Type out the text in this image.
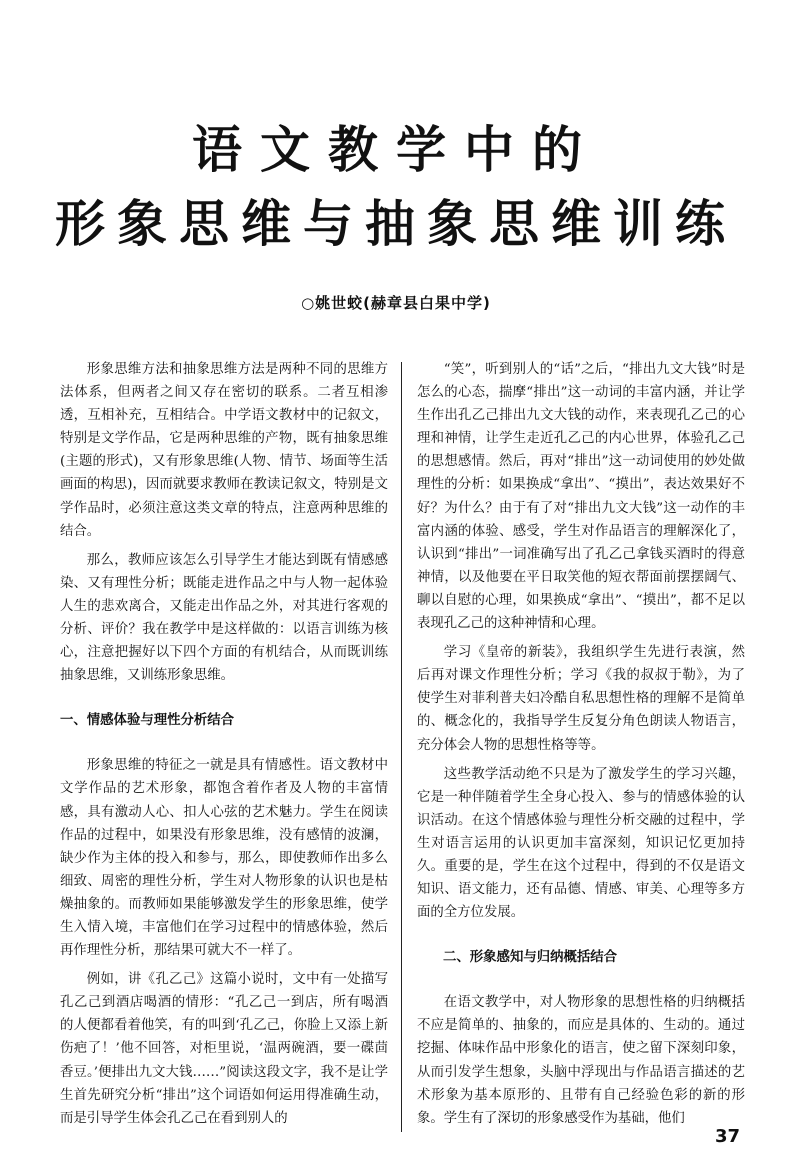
语文教学中的
形象思维与抽象思维训练
○姚世蛟(赫章县白果中学)

形象思维方法和抽象思维方法是两种不同的思维方法体系，但两者之间又存在密切的联系。二者互相渗透，互相补充，互相结合。中学语文教材中的记叙文，特别是文学作品，它是两种思维的产物，既有抽象思维(主题的形式)，又有形象思维(人物、情节、场面等生活画面的构思)，因而就要求教师在教读记叙文，特别是文学作品时，必须注意这类文章的特点，注意两种思维的结合。

那么，教师应该怎么引导学生才能达到既有情感感染、又有理性分析；既能走进作品之中与人物一起体验人生的悲欢离合，又能走出作品之外，对其进行客观的分析、评价？我在教学中是这样做的：以语言训练为核心，注意把握好以下四个方面的有机结合，从而既训练抽象思维，又训练形象思维。

一、情感体验与理性分析结合

形象思维的特征之一就是具有情感性。语文教材中文学作品的艺术形象，都饱含着作者及人物的丰富情感，具有激动人心、扣人心弦的艺术魅力。学生在阅读作品的过程中，如果没有形象思维，没有感情的波澜，缺少作为主体的投入和参与，那么，即使教师作出多么细致、周密的理性分析，学生对人物形象的认识也是枯燥抽象的。而教师如果能够激发学生的形象思维，使学生入情入境，丰富他们在学习过程中的情感体验，然后再作理性分析，那结果可就大不一样了。

例如，讲《孔乙己》这篇小说时，文中有一处描写孔乙己到酒店喝酒的情形：“孔乙己一到店，所有喝酒的人便都看着他笑，有的叫到‘孔乙己，你脸上又添上新伤疤了！’他不回答，对柜里说，‘温两碗酒，要一碟茴香豆。’便排出九文大钱……”阅读这段文字，我不是让学生首先研究分析“排出”这个词语如何运用得准确生动，而是引导学生体会孔乙己在看到别人的

“笑”，听到别人的“话”之后，“排出九文大钱”时是怎么的心态，揣摩“排出”这一动词的丰富内涵，并让学生作出孔乙己排出九文大钱的动作，来表现孔乙己的心理和神情，让学生走近孔乙己的内心世界，体验孔乙己的思想感情。然后，再对“排出”这一动词使用的妙处做理性的分析：如果换成“拿出”、“摸出”，表达效果好不好？为什么？由于有了对“排出九文大钱”这一动作的丰富内涵的体验、感受，学生对作品语言的理解深化了，认识到“排出”一词准确写出了孔乙己拿钱买酒时的得意神情，以及他要在平日取笑他的短衣帮面前摆摆阔气、聊以自慰的心理，如果换成“拿出”、“摸出”，都不足以表现孔乙己的这种神情和心理。

学习《皇帝的新装》，我组织学生先进行表演，然后再对课文作理性分析；学习《我的叔叔于勒》，为了使学生对菲利普夫妇冷酷自私思想性格的理解不是简单的、概念化的，我指导学生反复分角色朗读人物语言，充分体会人物的思想性格等等。

这些教学活动绝不只是为了激发学生的学习兴趣，它是一种伴随着学生全身心投入、参与的情感体验的认识活动。在这个情感体验与理性分析交融的过程中，学生对语言运用的认识更加丰富深刻，知识记忆更加持久。重要的是，学生在这个过程中，得到的不仅是语文知识、语文能力，还有品德、情感、审美、心理等多方面的全方位发展。

二、形象感知与归纳概括结合

在语文教学中，对人物形象的思想性格的归纳概括不应是简单的、抽象的，而应是具体的、生动的。通过挖掘、体味作品中形象化的语言，使之留下深刻印象，从而引发学生想象，头脑中浮现出与作品语言描述的艺术形象为基本原形的、且带有自己经验色彩的新的形象。学生有了深切的形象感受作为基础，他们

37
